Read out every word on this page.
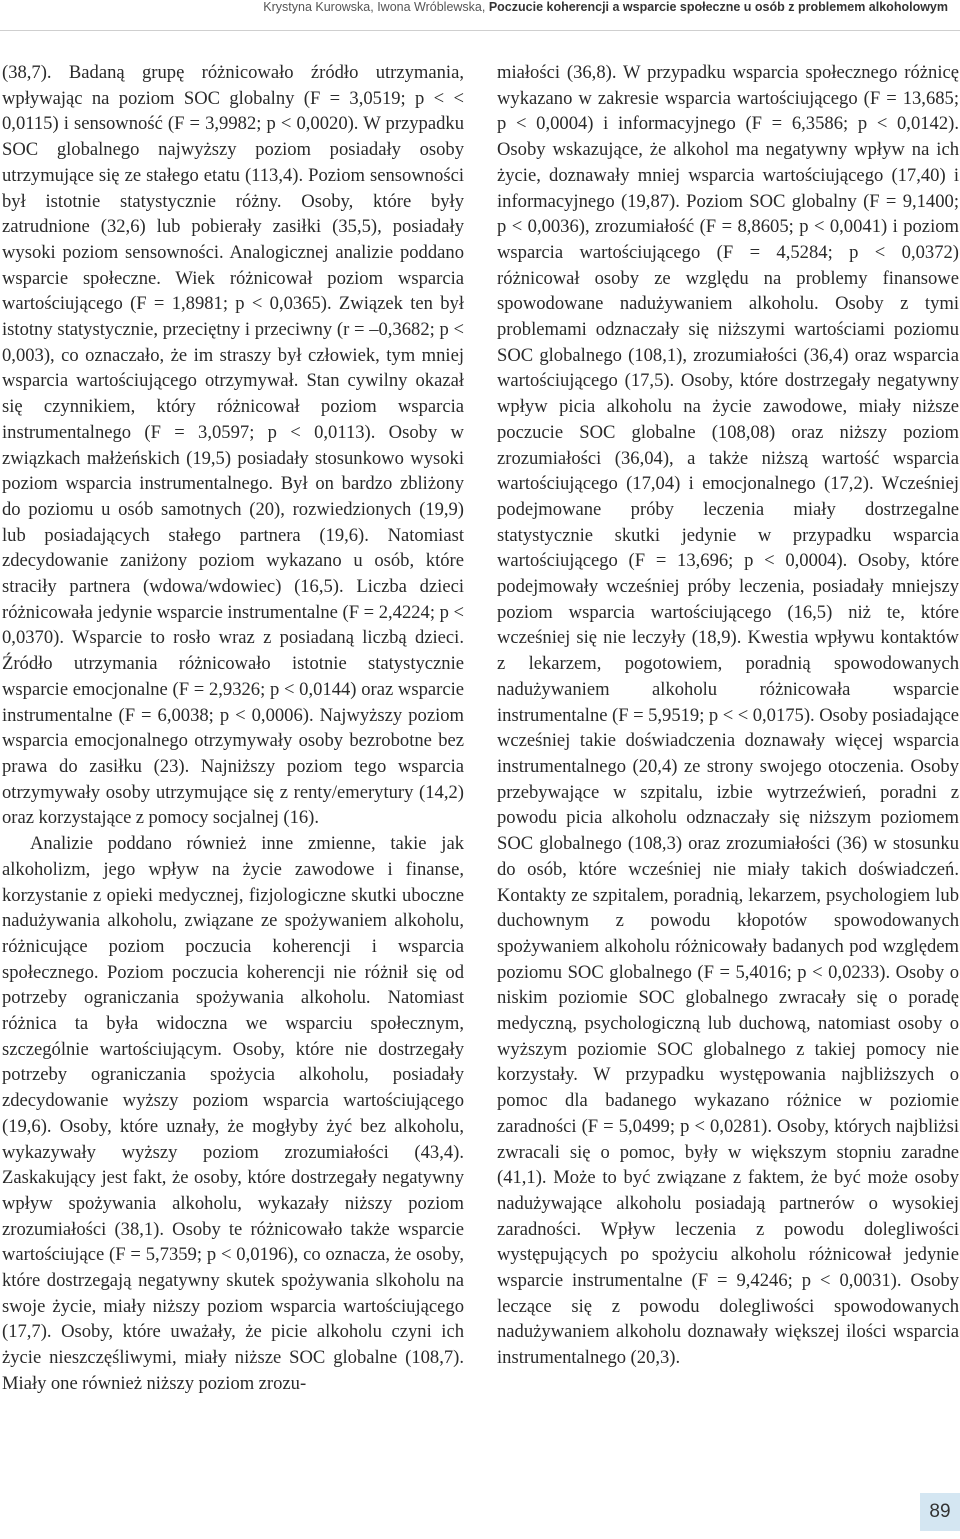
Krystyna Kurowska, Iwona Wróblewska, Poczucie koherencji a wsparcie społeczne u osób z problemem alkoholowym

(38,7). Badaną grupę różnicowało źródło utrzymania, wpływając na poziom SOC globalny (F = 3,0519; p < < 0,0115) i sensowność (F = 3,9982; p < 0,0020). W przypadku SOC globalnego najwyższy poziom posiadały osoby utrzymujące się ze stałego etatu (113,4). Poziom sensowności był istotnie statystycznie różny. Osoby, które były zatrudnione (32,6) lub pobierały zasiłki (35,5), posiadały wysoki poziom sensowności. Analogicznej analizie poddano wsparcie społeczne. Wiek różnicował poziom wsparcia wartościującego (F = 1,8981; p < 0,0365). Związek ten był istotny statystycznie, przeciętny i przeciwny (r = –0,3682; p < 0,003), co oznaczało, że im straszy był człowiek, tym mniej wsparcia wartościującego otrzymywał. Stan cywilny okazał się czynnikiem, który różnicował poziom wsparcia instrumentalnego (F = 3,0597; p < 0,0113). Osoby w związkach małżeńskich (19,5) posiadały stosunkowo wysoki poziom wsparcia instrumentalnego. Był on bardzo zbliżony do poziomu u osób samotnych (20), rozwiedzionych (19,9) lub posiadających stałego partnera (19,6). Natomiast zdecydowanie zaniżony poziom wykazano u osób, które straciły partnera (wdowa/wdowiec) (16,5). Liczba dzieci różnicowała jedynie wsparcie instrumentalne (F = 2,4224; p < 0,0370). Wsparcie to rosło wraz z posiadaną liczbą dzieci. Źródło utrzymania różnicowało istotnie statystycznie wsparcie emocjonalne (F = 2,9326; p < 0,0144) oraz wsparcie instrumentalne (F = 6,0038; p < 0,0006). Najwyższy poziom wsparcia emocjonalnego otrzymywały osoby bezrobotne bez prawa do zasiłku (23). Najniższy poziom tego wsparcia otrzymywały osoby utrzymujące się z renty/emerytury (14,2) oraz korzystające z pomocy socjalnej (16).

Analizie poddano również inne zmienne, takie jak alkoholizm, jego wpływ na życie zawodowe i finanse, korzystanie z opieki medycznej, fizjologiczne skutki uboczne nadużywania alkoholu, związane ze spożywaniem alkoholu, różnicujące poziom poczucia koherencji i wsparcia społecznego. Poziom poczucia koherencji nie różnił się od potrzeby ograniczania spożywania alkoholu. Natomiast różnica ta była widoczna we wsparciu społecznym, szczególnie wartościującym. Osoby, które nie dostrzegały potrzeby ograniczania spożycia alkoholu, posiadały zdecydowanie wyższy poziom wsparcia wartościującego (19,6). Osoby, które uznały, że mogłyby żyć bez alkoholu, wykazywały wyższy poziom zrozumiałości (43,4). Zaskakujący jest fakt, że osoby, które dostrzegały negatywny wpływ spożywania alkoholu, wykazały niższy poziom zrozumiałości (38,1). Osoby te różnicowało także wsparcie wartościujące (F = 5,7359; p < 0,0196), co oznacza, że osoby, które dostrzegają negatywny skutek spożywania slkoholu na swoje życie, miały niższy poziom wsparcia wartościującego (17,7). Osoby, które uważały, że picie alkoholu czyni ich życie nieszczęśliwymi, miały niższe SOC globalne (108,7). Miały one również niższy poziom zrozu-

miałości (36,8). W przypadku wsparcia społecznego różnicę wykazano w zakresie wsparcia wartościującego (F = 13,685; p < 0,0004) i informacyjnego (F = 6,3586; p < 0,0142). Osoby wskazujące, że alkohol ma negatywny wpływ na ich życie, doznawały mniej wsparcia wartościującego (17,40) i informacyjnego (19,87). Poziom SOC globalny (F = 9,1400; p < 0,0036), zrozumiałość (F = 8,8605; p < 0,0041) i poziom wsparcia wartościującego (F = 4,5284; p < 0,0372) różnicował osoby ze względu na problemy finansowe spowodowane nadużywaniem alkoholu. Osoby z tymi problemami odznaczały się niższymi wartościami poziomu SOC globalnego (108,1), zrozumiałości (36,4) oraz wsparcia wartościującego (17,5). Osoby, które dostrzegały negatywny wpływ picia alkoholu na życie zawodowe, miały niższe poczucie SOC globalne (108,08) oraz niższy poziom zrozumiałości (36,04), a także niższą wartość wsparcia wartościującego (17,04) i emocjonalnego (17,2). Wcześniej podejmowane próby leczenia miały dostrzegalne statystycznie skutki jedynie w przypadku wsparcia wartościującego (F = 13,696; p < 0,0004). Osoby, które podejmowały wcześniej próby leczenia, posiadały mniejszy poziom wsparcia wartościującego (16,5) niż te, które wcześniej się nie leczyły (18,9). Kwestia wpływu kontaktów z lekarzem, pogotowiem, poradnią spowodowanych nadużywaniem alkoholu różnicowała wsparcie instrumentalne (F = 5,9519; p < < 0,0175). Osoby posiadające wcześniej takie doświadczenia doznawały więcej wsparcia instrumentalnego (20,4) ze strony swojego otoczenia. Osoby przebywające w szpitalu, izbie wytrzeźwień, poradni z powodu picia alkoholu odznaczały się niższym poziomem SOC globalnego (108,3) oraz zrozumiałości (36) w stosunku do osób, które wcześniej nie miały takich doświadczeń. Kontakty ze szpitalem, poradnią, lekarzem, psychologiem lub duchownym z powodu kłopotów spowodowanych spożywaniem alkoholu różnicowały badanych pod względem poziomu SOC globalnego (F = 5,4016; p < 0,0233). Osoby o niskim poziomie SOC globalnego zwracały się o poradę medyczną, psychologiczną lub duchową, natomiast osoby o wyższym poziomie SOC globalnego z takiej pomocy nie korzystały. W przypadku występowania najbliższych o pomoc dla badanego wykazano różnice w poziomie zaradności (F = 5,0499; p < 0,0281). Osoby, których najbliżsi zwracali się o pomoc, były w większym stopniu zaradne (41,1). Może to być związane z faktem, że być może osoby nadużywające alkoholu posiadają partnerów o wysokiej zaradności. Wpływ leczenia z powodu dolegliwości występujących po spożyciu alkoholu różnicował jedynie wsparcie instrumentalne (F = 9,4246; p < 0,0031). Osoby leczące się z powodu dolegliwości spowodowanych nadużywaniem alkoholu doznawały większej ilości wsparcia instrumentalnego (20,3).

89
